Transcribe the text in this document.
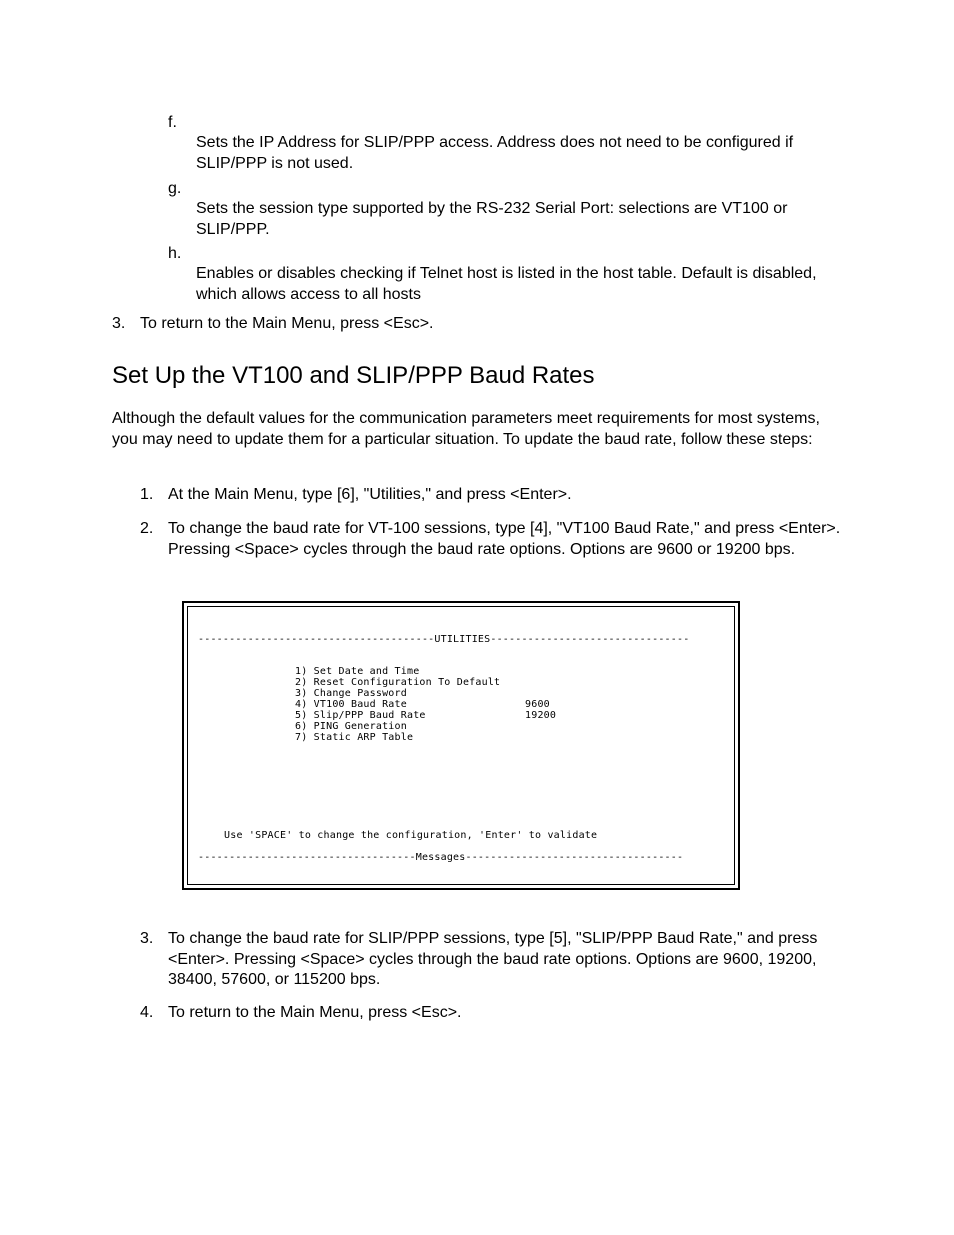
f.
Sets the IP Address for SLIP/PPP access. Address does not need to be configured if SLIP/PPP is not used.
g.
Sets the session type supported by the RS-232 Serial Port: selections are VT100 or SLIP/PPP.
h.
Enables or disables checking if Telnet host is listed in the host table. Default is disabled, which allows access to all hosts
3. To return to the Main Menu, press <Esc>.
Set Up the VT100 and SLIP/PPP Baud Rates
Although the default values for the communication parameters meet requirements for most systems, you may need to update them for a particular situation. To update the baud rate, follow these steps:
1. At the Main Menu, type [6], "Utilities," and press <Enter>.
2. To change the baud rate for VT-100 sessions, type [4], "VT100 Baud Rate," and press <Enter>. Pressing <Space> cycles through the baud rate options. Options are 9600 or 19200 bps.
--------------------------------------UTILITIES--------------------------------

1) Set Date and Time

2) Reset Configuration To Default

3) Change Password

4) VT100 Baud Rate

	9600

5) Slip/PPP Baud Rate

	19200

6) PING Generation

7) Static ARP Table

Use 'SPACE' to change the configuration, 'Enter' to validate
-----------------------------------Messages-----------------------------------
3. To change the baud rate for SLIP/PPP sessions, type [5], "SLIP/PPP Baud Rate," and press <Enter>. Pressing <Space> cycles through the baud rate options. Options are 9600, 19200, 38400, 57600, or 115200 bps.
4. To return to the Main Menu, press <Esc>.
